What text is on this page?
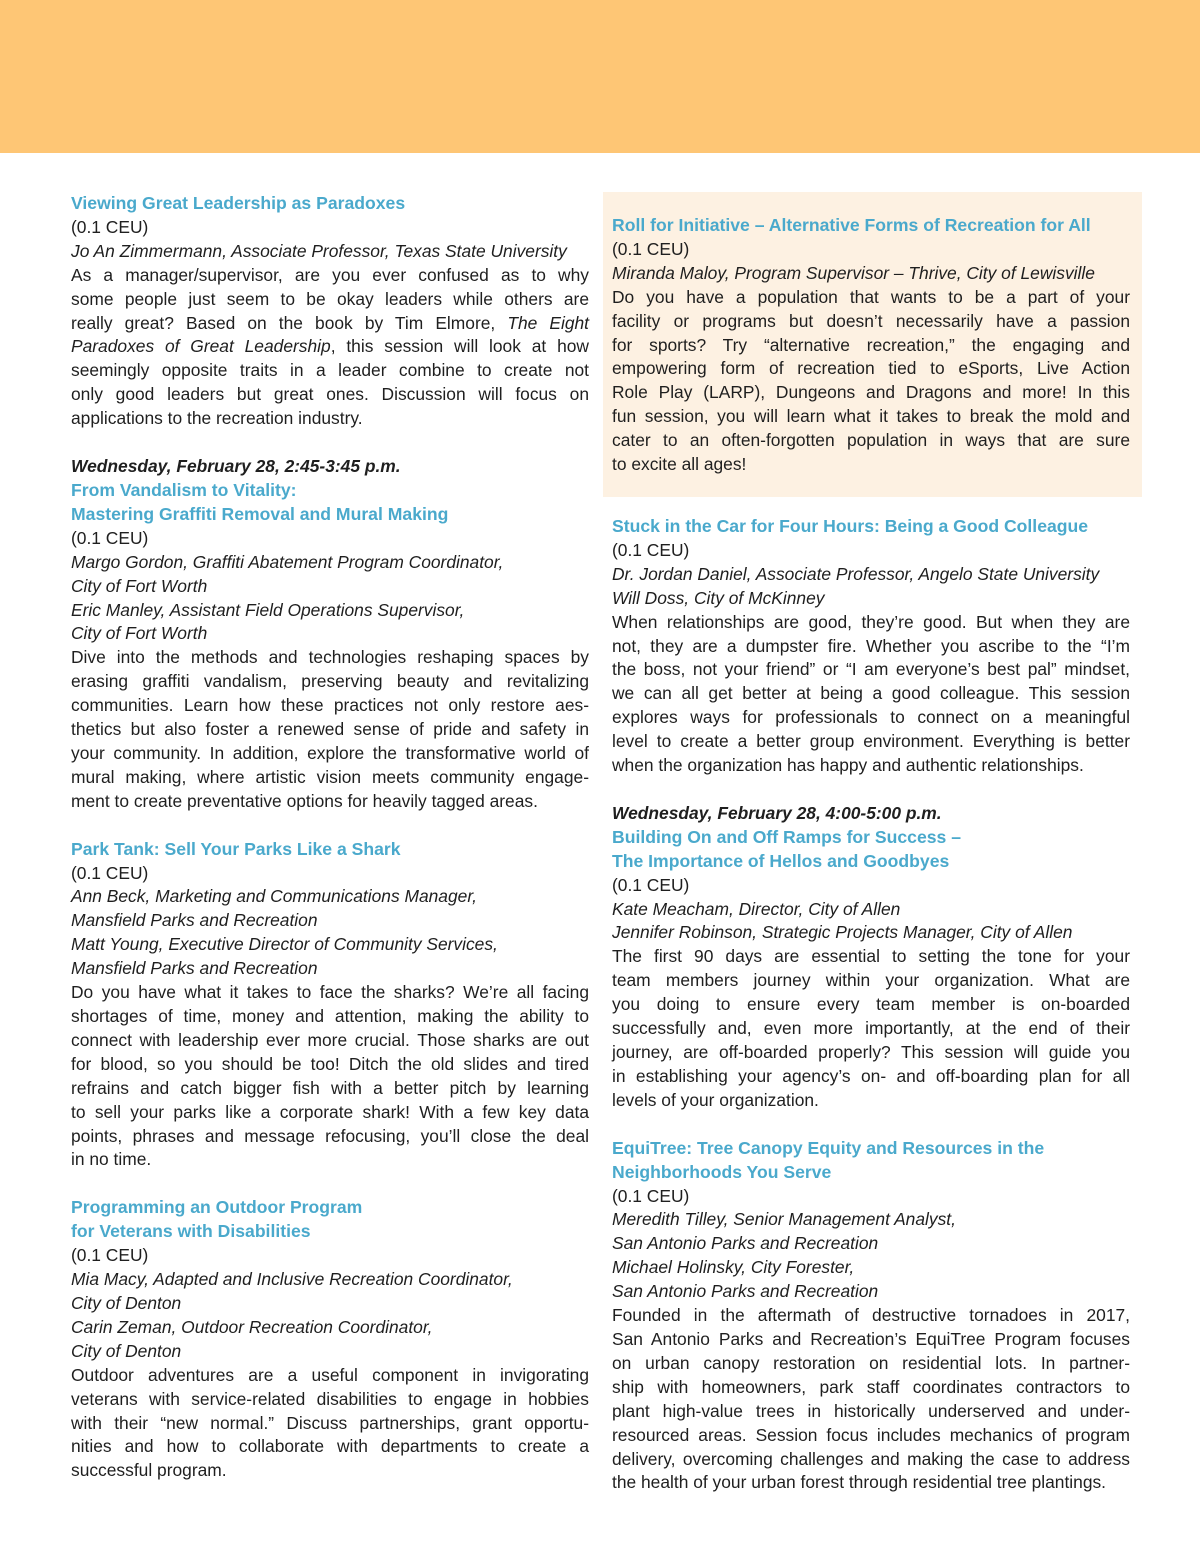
Viewing Great Leadership as Paradoxes
(0.1 CEU)
Jo An Zimmermann, Associate Professor, Texas State University
As a manager/supervisor, are you ever confused as to why
some people just seem to be okay leaders while others are
really great? Based on the book by Tim Elmore, The Eight
Paradoxes of Great Leadership, this session will look at how
seemingly opposite traits in a leader combine to create not
only good leaders but great ones. Discussion will focus on
applications to the recreation industry.
Wednesday, February 28, 2:45-3:45 p.m.
From Vandalism to Vitality:
Mastering Graffiti Removal and Mural Making
(0.1 CEU)
Margo Gordon, Graffiti Abatement Program Coordinator,
City of Fort Worth
Eric Manley, Assistant Field Operations Supervisor,
City of Fort Worth
Dive into the methods and technologies reshaping spaces by
erasing graffiti vandalism, preserving beauty and revitalizing
communities. Learn how these practices not only restore aes-
thetics but also foster a renewed sense of pride and safety in
your community. In addition, explore the transformative world of
mural making, where artistic vision meets community engage-
ment to create preventative options for heavily tagged areas.
Park Tank: Sell Your Parks Like a Shark
(0.1 CEU)
Ann Beck, Marketing and Communications Manager,
Mansfield Parks and Recreation
Matt Young, Executive Director of Community Services,
Mansfield Parks and Recreation
Do you have what it takes to face the sharks? We’re all facing
shortages of time, money and attention, making the ability to
connect with leadership ever more crucial. Those sharks are out
for blood, so you should be too! Ditch the old slides and tired
refrains and catch bigger fish with a better pitch by learning
to sell your parks like a corporate shark! With a few key data
points, phrases and message refocusing, you’ll close the deal
in no time.
Programming an Outdoor Program
for Veterans with Disabilities
(0.1 CEU)
Mia Macy, Adapted and Inclusive Recreation Coordinator,
City of Denton
Carin Zeman, Outdoor Recreation Coordinator,
City of Denton
Outdoor adventures are a useful component in invigorating
veterans with service-related disabilities to engage in hobbies
with their “new normal.” Discuss partnerships, grant opportu-
nities and how to collaborate with departments to create a
successful program.
Roll for Initiative – Alternative Forms of Recreation for All
(0.1 CEU)
Miranda Maloy, Program Supervisor – Thrive, City of Lewisville
Do you have a population that wants to be a part of your
facility or programs but doesn’t necessarily have a passion
for sports? Try “alternative recreation,” the engaging and
empowering form of recreation tied to eSports, Live Action
Role Play (LARP), Dungeons and Dragons and more! In this
fun session, you will learn what it takes to break the mold and
cater to an often-forgotten population in ways that are sure
to excite all ages!
Stuck in the Car for Four Hours: Being a Good Colleague
(0.1 CEU)
Dr. Jordan Daniel, Associate Professor, Angelo State University
Will Doss, City of McKinney
When relationships are good, they’re good. But when they are
not, they are a dumpster fire. Whether you ascribe to the “I’m
the boss, not your friend” or “I am everyone’s best pal” mindset,
we can all get better at being a good colleague. This session
explores ways for professionals to connect on a meaningful
level to create a better group environment. Everything is better
when the organization has happy and authentic relationships.
Wednesday, February 28, 4:00-5:00 p.m.
Building On and Off Ramps for Success –
The Importance of Hellos and Goodbyes
(0.1 CEU)
Kate Meacham, Director, City of Allen
Jennifer Robinson, Strategic Projects Manager, City of Allen
The first 90 days are essential to setting the tone for your
team members journey within your organization. What are
you doing to ensure every team member is on-boarded
successfully and, even more importantly, at the end of their
journey, are off-boarded properly? This session will guide you
in establishing your agency’s on- and off-boarding plan for all
levels of your organization.
EquiTree: Tree Canopy Equity and Resources in the
Neighborhoods You Serve
(0.1 CEU)
Meredith Tilley, Senior Management Analyst,
San Antonio Parks and Recreation
Michael Holinsky, City Forester,
San Antonio Parks and Recreation
Founded in the aftermath of destructive tornadoes in 2017,
San Antonio Parks and Recreation’s EquiTree Program focuses
on urban canopy restoration on residential lots. In partner-
ship with homeowners, park staff coordinates contractors to
plant high-value trees in historically underserved and under-
resourced areas. Session focus includes mechanics of program
delivery, overcoming challenges and making the case to address
the health of your urban forest through residential tree plantings.
